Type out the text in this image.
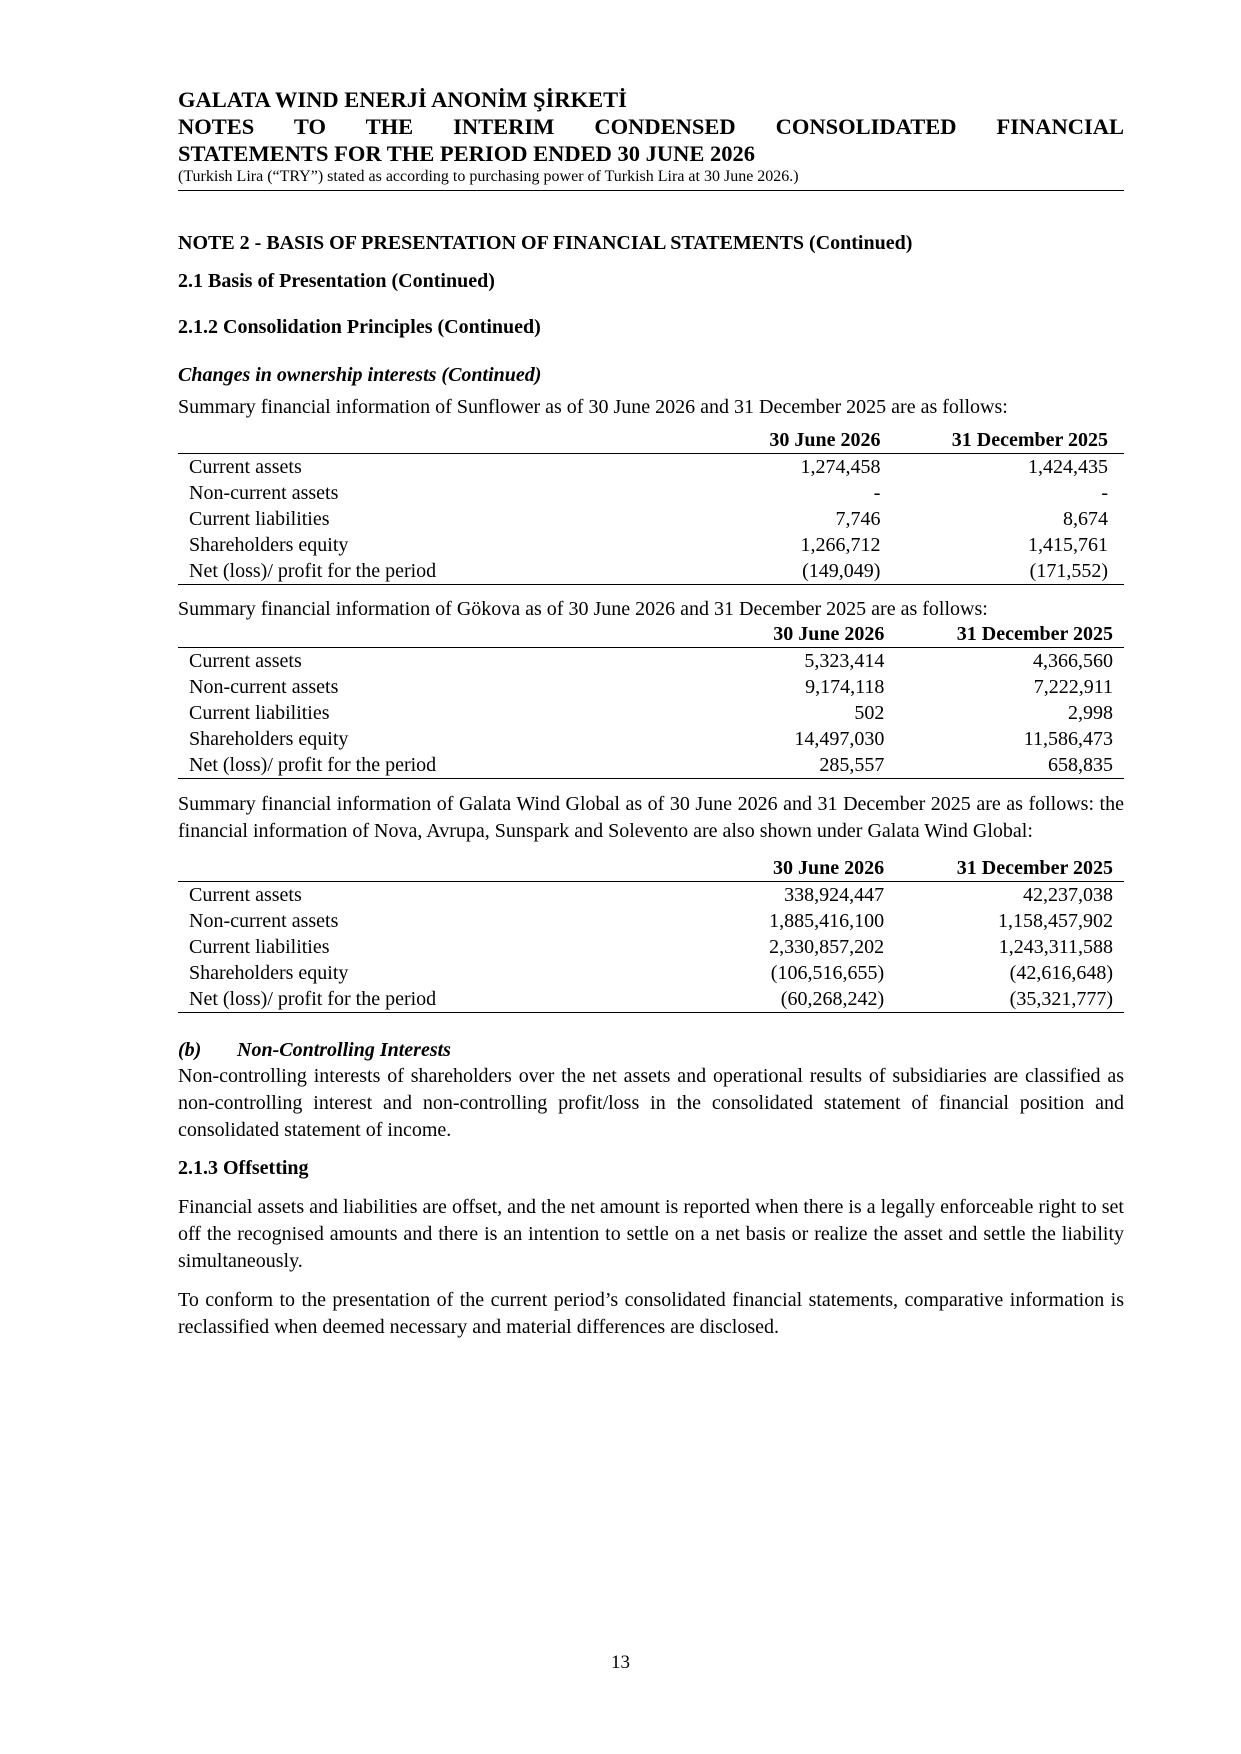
GALATA WIND ENERJİ ANONİM ŞİRKETİ
NOTES TO THE INTERIM CONDENSED CONSOLIDATED FINANCIAL
STATEMENTS FOR THE PERIOD ENDED 30 JUNE 2026
(Turkish Lira (“TRY”) stated as according to purchasing power of Turkish Lira at 30 June 2026.)
NOTE 2 - BASIS OF PRESENTATION OF FINANCIAL STATEMENTS (Continued)
2.1 Basis of Presentation (Continued)
2.1.2 Consolidation Principles (Continued)
Changes in ownership interests (Continued)
Summary financial information of Sunflower as of 30 June 2026 and 31 December 2025 are as follows:
	30 June 2026	31 December 2025
Current assets	1,274,458	1,424,435
Non-current assets	-	-
Current liabilities	7,746	8,674
Shareholders equity	1,266,712	1,415,761
Net (loss)/ profit for the period	(149,049)	(171,552)
Summary financial information of Gökova as of 30 June 2026 and 31 December 2025 are as follows:
	30 June 2026	31 December 2025
Current assets	5,323,414	4,366,560
Non-current assets	9,174,118	7,222,911
Current liabilities	502	2,998
Shareholders equity	14,497,030	11,586,473
Net (loss)/ profit for the period	285,557	658,835
Summary financial information of Galata Wind Global as of 30 June 2026 and 31 December 2025 are as follows: the financial information of Nova, Avrupa, Sunspark and Solevento are also shown under Galata Wind Global:
	30 June 2026	31 December 2025
Current assets	338,924,447	42,237,038
Non-current assets	1,885,416,100	1,158,457,902
Current liabilities	2,330,857,202	1,243,311,588
Shareholders equity	(106,516,655)	(42,616,648)
Net (loss)/ profit for the period	(60,268,242)	(35,321,777)
(b) Non-Controlling Interests
Non-controlling interests of shareholders over the net assets and operational results of subsidiaries are classified as non-controlling interest and non-controlling profit/loss in the consolidated statement of financial position and consolidated statement of income.
2.1.3 Offsetting
Financial assets and liabilities are offset, and the net amount is reported when there is a legally enforceable right to set off the recognised amounts and there is an intention to settle on a net basis or realize the asset and settle the liability simultaneously.
To conform to the presentation of the current period’s consolidated financial statements, comparative information is reclassified when deemed necessary and material differences are disclosed.
13
